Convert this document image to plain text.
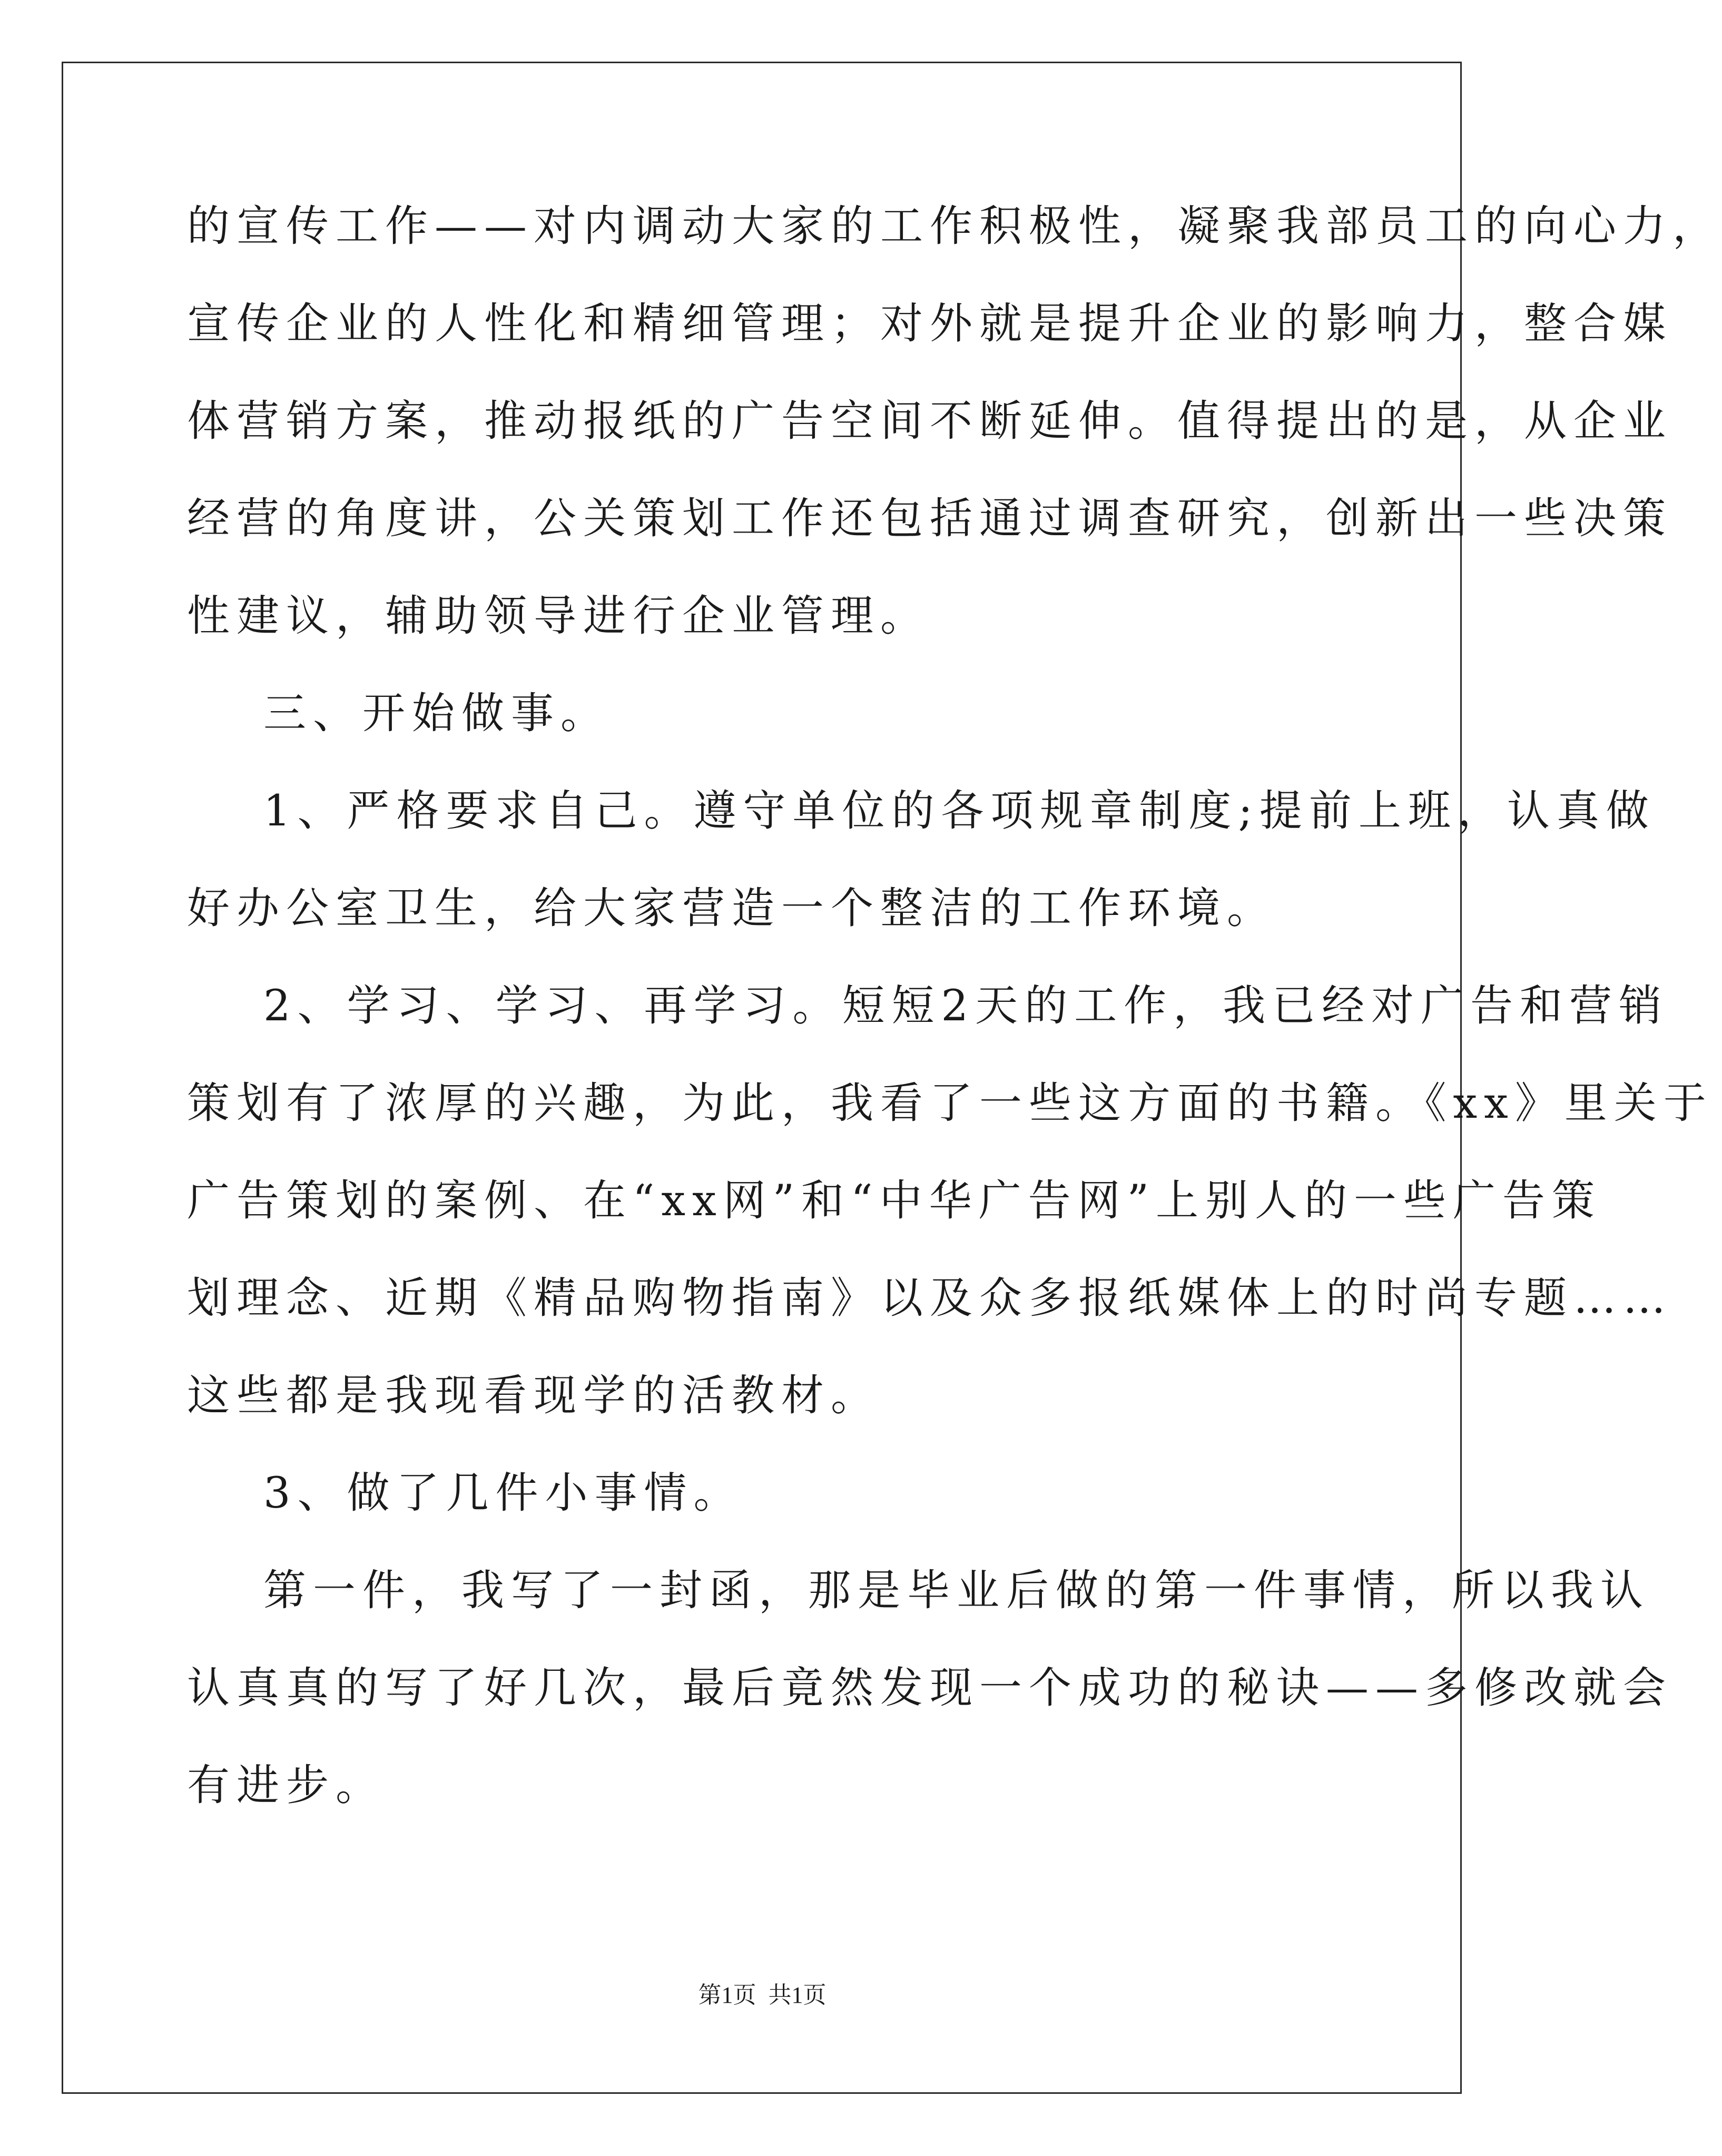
的宣传工作——对内调动大家的工作积极性，凝聚我部员工的向心力，
宣传企业的人性化和精细管理；对外就是提升企业的影响力，整合媒
体营销方案，推动报纸的广告空间不断延伸。值得提出的是，从企业
经营的角度讲，公关策划工作还包括通过调查研究，创新出一些决策
性建议，辅助领导进行企业管理。
三、开始做事。
1、严格要求自己。遵守单位的各项规章制度;提前上班，认真做
好办公室卫生，给大家营造一个整洁的工作环境。
2、学习、学习、再学习。短短2天的工作，我已经对广告和营销
策划有了浓厚的兴趣，为此，我看了一些这方面的书籍。《xx》里关于
广告策划的案例、在“xx网”和“中华广告网”上别人的一些广告策
划理念、近期《精品购物指南》以及众多报纸媒体上的时尚专题……
这些都是我现看现学的活教材。
3、做了几件小事情。
第一件，我写了一封函，那是毕业后做的第一件事情，所以我认
认真真的写了好几次，最后竟然发现一个成功的秘诀——多修改就会
有进步。
第1页 共1页
